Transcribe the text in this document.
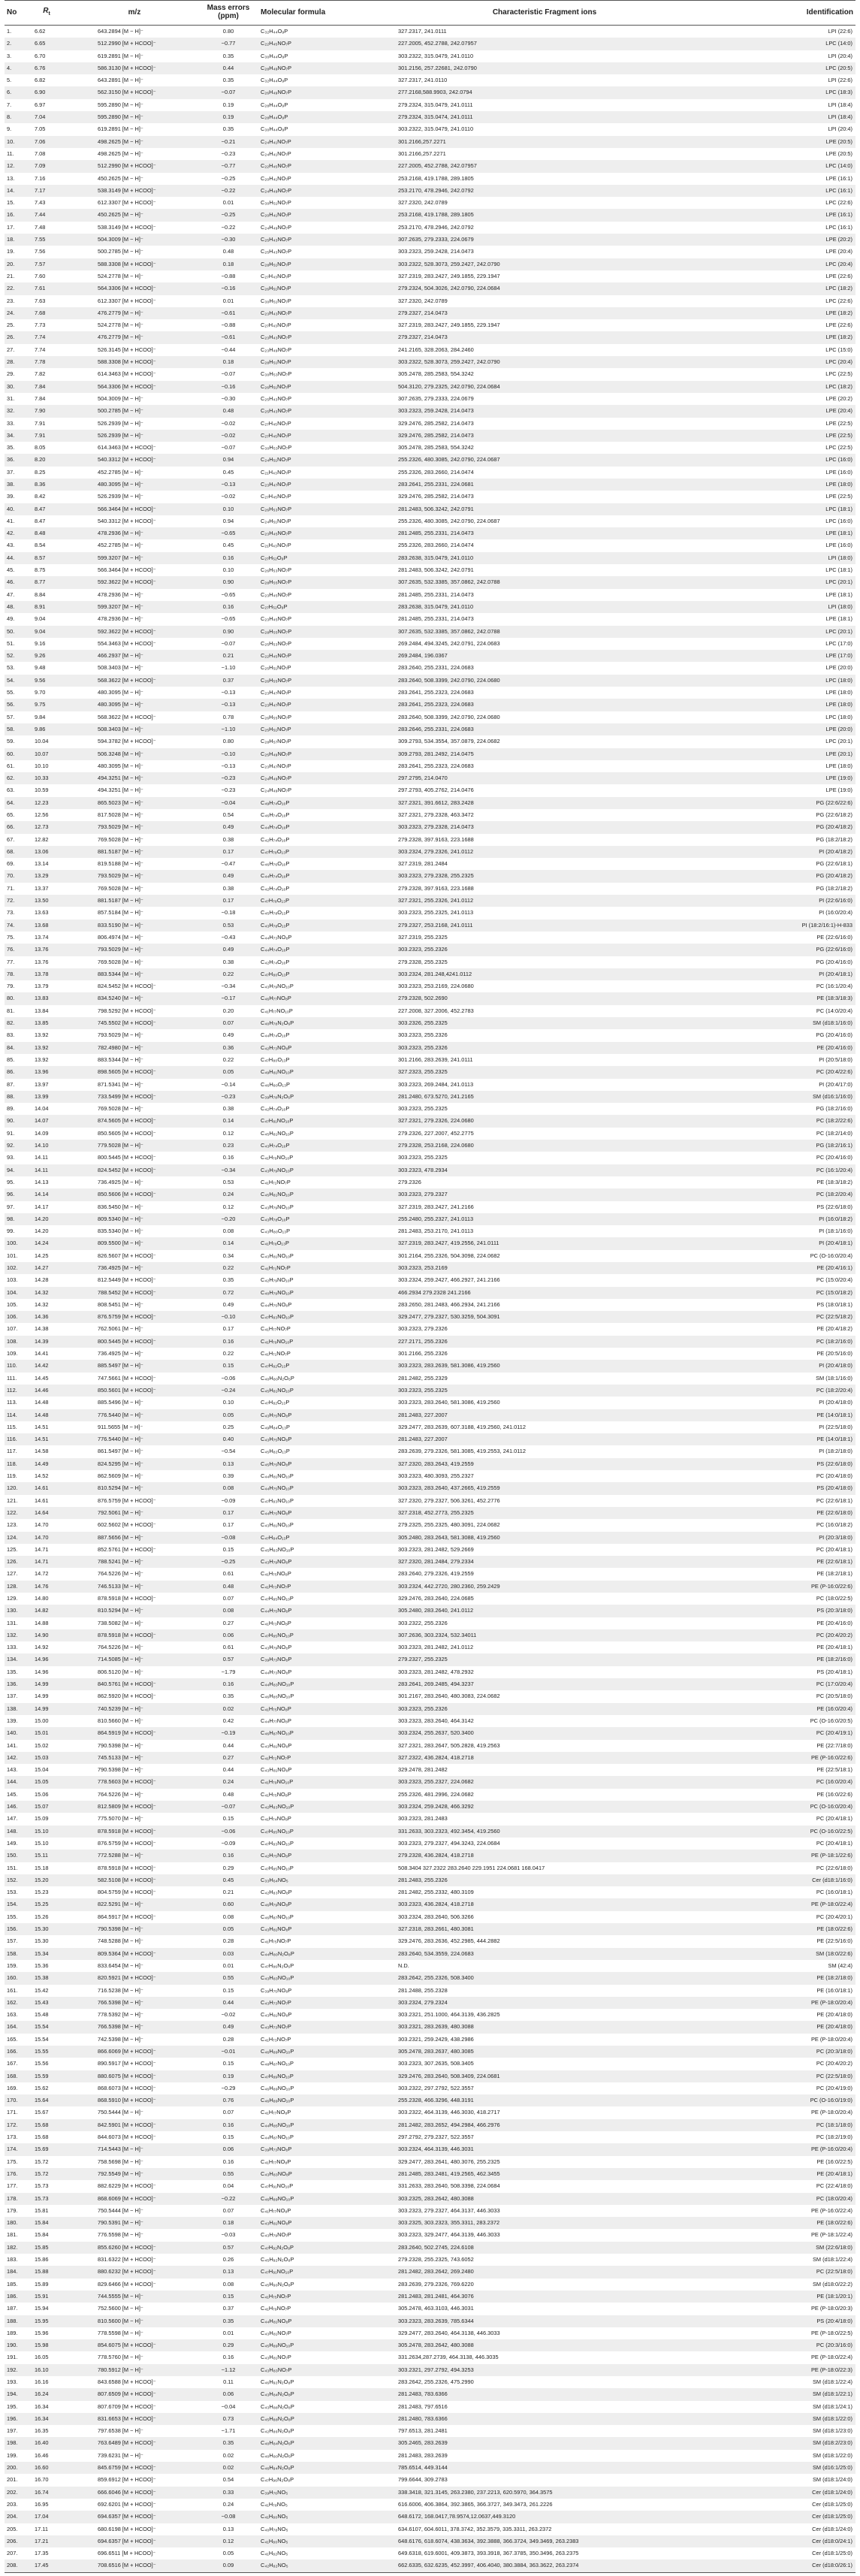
No	$R_t$	m/z	Mass errors (ppm)	Molecular formula	Characteristic Fragment ions	Identification
1.	6.62	643.2894 [M − H]⁻	0.80	C₃₂H₄₄O₉P	327.2317, 241.0111	LPI (22:6)
2.	6.65	512.2990 [M + HCOO]⁻	−0.77	C₂₂H₄₅NO₇P	227.2005, 452.2788, 242.07957	LPC (14:0)
3.	6.70	619.2891 [M − H]⁻	0.35	C₃₀H₄₄O₉P	303.2322, 315.0479, 241.0110	LPI (20:4)
4.	6.76	586.3130 [M + HCOO]⁻	0.44	C₂₈H₄₉NO₇P	301.2156, 257.22681, 242.0790	LPC (20:5)
5.	6.82	643.2891 [M − H]⁻	0.35	C₃₂H₄₄O₉P	327.2317, 241.0110	LPI (22:6)
6.	6.90	562.3150 [M + HCOO]⁻	−0.07	C₂₆H₄₉NO₇P	277.2168,588.9903, 242.0794	LPC (18:3)
7.	6.97	595.2890 [M − H]⁻	0.19	C₂₈H₄₄O₉P	279.2324, 315.0479, 241.0111	LPI (18:4)
8.	7.04	595.2890 [M − H]⁻	0.19	C₂₈H₄₄O₉P	279.2324, 315.0474, 241.0111	LPI (18:4)
9.	7.05	619.2891 [M − H]⁻	0.35	C₃₀H₄₄O₉P	303.2322, 315.0479, 241.0110	LPI (20:4)
10.	7.06	498.2625 [M − H]⁻	−0.21	C₂₄H₄₁NO₇P	301.2166,257.2271	LPE (20:5)
11.	7.08	498.2625 [M − H]⁻	−0.23	C₂₄H₄₁NO₇P	301.2166,257.2271	LPE (20:5)
12.	7.09	512.2990 [M + HCOO]⁻	−0.77	C₂₂H₄₅NO₇P	227.2005, 452.2788, 242.07957	LPC (14:0)
13.	7.16	450.2625 [M − H]⁻	−0.25	C₂₀H₄₁NO₇P	253.2168, 419.1788, 289.1805	LPE (16:1)
14.	7.17	538.3149 [M + HCOO]⁻	−0.22	C₂₄H₄₉NO₇P	253.2170, 478.2946, 242.0792	LPC (16:1)
15.	7.43	612.3307 [M + HCOO]⁻	0.01	C₃₀H₅₁NO₇P	327.2320, 242.0789	LPC (22:6)
16.	7.44	450.2625 [M − H]⁻	−0.25	C₂₀H₄₁NO₇P	253.2168, 419.1788, 289.1805	LPE (16:1)
17.	7.48	538.3149 [M + HCOO]⁻	−0.22	C₂₄H₄₉NO₇P	253.2170, 478.2946, 242.0792	LPC (16:1)
18.	7.55	504.3009 [M − H]⁻	−0.30	C₂₅H₄₃NO₇P	307.2635, 279.2333, 224.0679	LPE (20:2)
19.	7.56	500.2785 [M − H]⁻	0.48	C₂₅H₄₃NO₇P	303.2323, 259.2428, 214.0473	LPE (20:4)
20.	7.57	588.3308 [M + HCOO]⁻	0.18	C₂₈H₅₁NO₇P	303.2322, 528.3073, 259.2427, 242.0790	LPC (20:4)
21.	7.60	524.2778 [M − H]⁻	−0.88	C₂₇H₄₃NO₇P	327.2319, 283.2427, 249.1855, 229.1947	LPE (22:6)
22.	7.61	564.3306 [M + HCOO]⁻	−0.16	C₂₆H₅₁NO₇P	279.2324, 504.3026, 242.0790, 224.0684	LPC (18:2)
23.	7.63	612.3307 [M + HCOO]⁻	0.01	C₃₀H₅₁NO₇P	327.2320, 242.0789	LPC (22:6)
24.	7.68	476.2779 [M − H]⁻	−0.61	C₂₃H₄₃NO₇P	279.2327, 214.0473	LPE (18:2)
25.	7.73	524.2778 [M − H]⁻	−0.88	C₂₇H₄₃NO₇P	327.2319, 283.2427, 249.1855, 229.1947	LPE (22:6)
26.	7.74	476.2779 [M − H]⁻	−0.61	C₂₃H₄₃NO₇P	279.2327, 214.0473	LPE (18:2)
27.	7.74	526.3145 [M + HCOO]⁻	−0.44	C₂₃H₄₉NO₇P	241.2165, 328.2063, 284.2460	LPC (15:0)
28.	7.78	588.3308 [M + HCOO]⁻	0.18	C₂₈H₅₁NO₇P	303.2322, 528.3073, 259.2427, 242.0790	LPC (20:4)
29.	7.82	614.3463 [M + HCOO]⁻	−0.07	C₃₀H₅₃NO₇P	305.2478, 285.2583, 554.3242	LPC (22:5)
30.	7.84	564.3306 [M + HCOO]⁻	−0.16	C₂₆H₅₁NO₇P	504.3120, 279.2325, 242.0790, 224.0684	LPC (18:2)
31.	7.84	504.3009 [M − H]⁻	−0.30	C₂₅H₄₃NO₇P	307.2635, 279.2333, 224.0679	LPE (20:2)
32.	7.90	500.2785 [M − H]⁻	0.48	C₂₅H₄₃NO₇P	303.2323, 259.2428, 214.0473	LPE (20:4)
33.	7.91	526.2939 [M − H]⁻	−0.02	C₂₇H₄₅NO₇P	329.2476, 285.2582, 214.0473	LPE (22:5)
34.	7.91	526.2939 [M − H]⁻	−0.02	C₂₇H₄₅NO₇P	329.2476, 285.2582, 214.0473	LPE (22:5)
35.	8.05	614.3463 [M + HCOO]⁻	−0.07	C₃₀H₅₃NO₇P	305.2478, 285.2583, 554.3242	LPC (22:5)
36.	8.20	540.3312 [M + HCOO]⁻	0.94	C₂₄H₅₁NO₇P	255.2326, 480.3085, 242.0790, 224.0687	LPC (16:0)
37.	8.25	452.2785 [M − H]⁻	0.45	C₂₁H₄₃NO₇P	255.2326, 283.2660, 214.0474	LPE (16:0)
38.	8.36	480.3095 [M − H]⁻	−0.13	C₂₃H₄₇NO₇P	283.2641, 255.2331, 224.0681	LPE (18:0)
39.	8.42	526.2939 [M − H]⁻	−0.02	C₂₇H₄₅NO₇P	329.2476, 285.2582, 214.0473	LPE (22:5)
40.	8.47	566.3464 [M + HCOO]⁻	0.10	C₂₆H₅₃NO₇P	281.2483, 506.3242, 242.0791	LPC (18:1)
41.	8.47	540.3312 [M + HCOO]⁻	0.94	C₂₄H₅₁NO₇P	255.2326, 480.3085, 242.0790, 224.0687	LPC (16:0)
42.	8.48	478.2936 [M − H]⁻	−0.65	C₂₃H₄₅NO₇P	281.2485, 255.2331, 214.0473	LPE (18:1)
43.	8.54	452.2785 [M − H]⁻	0.45	C₂₁H₄₃NO₇P	255.2326, 283.2660, 214.0474	LPE (16:0)
44.	8.57	599.3207 [M − H]⁻	0.16	C₂₇H₅₂O₉P	283.2638, 315.0479, 241.0110	LPI (18:0)
45.	8.75	566.3464 [M + HCOO]⁻	0.10	C₂₆H₅₃NO₇P	281.2483, 506.3242, 242.0791	LPC (18:1)
46.	8.77	592.3622 [M + HCOO]⁻	0.90	C₂₈H₅₅NO₇P	307.2635, 532.3385, 357.0862, 242.0788	LPC (20:1)
47.	8.84	478.2936 [M − H]⁻	−0.65	C₂₃H₄₅NO₇P	281.2485, 255.2331, 214.0473	LPE (18:1)
48.	8.91	599.3207 [M − H]⁻	0.16	C₂₇H₅₂O₉P	283.2638, 315.0479, 241.0110	LPI (18:0)
49.	9.04	478.2936 [M − H]⁻	−0.65	C₂₃H₄₅NO₇P	281.2485, 255.2331, 214.0473	LPE (18:1)
50.	9.04	592.3622 [M + HCOO]⁻	0.90	C₂₈H₅₅NO₇P	307.2635, 532.3385, 357.0862, 242.0788	LPC (20:1)
51.	9.16	554.3463 [M + HCOO]⁻	−0.07	C₂₅H₅₃NO₇P	269.2484, 494.3245, 242.0791, 224.0683	LPC (17:0)
52.	9.26	466.2937 [M − H]⁻	0.21	C₂₂H₄₅NO₇P	269.2484, 196.0367	LPE (17:0)
53.	9.48	508.3403 [M − H]⁻	−1.10	C₂₅H₅₁NO₇P	283.2640, 255.2331, 224.0683	LPE (20:0)
54.	9.56	568.3622 [M + HCOO]⁻	0.37	C₂₆H₅₅NO₇P	283.2640, 508.3399, 242.0790, 224.0680	LPC (18:0)
55.	9.70	480.3095 [M − H]⁻	−0.13	C₂₃H₄₇NO₇P	283.2641, 255.2323, 224.0683	LPE (18:0)
56.	9.75	480.3095 [M − H]⁻	−0.13	C₂₃H₄₇NO₇P	283.2641, 255.2323, 224.0683	LPE (18:0)
57.	9.84	568.3622 [M + HCOO]⁻	0.78	C₂₆H₅₅NO₇P	283.2640, 508.3399, 242.0790, 224.0680	LPC (18:0)
58.	9.86	508.3403 [M − H]⁻	−1.10	C₂₅H₅₁NO₇P	283.2646, 255.2331, 224.0683	LPE (20:0)
59.	10.04	594.3782 [M + HCOO]⁻	0.80	C₂₈H₅₇NO₇P	309.2793, 534.3554, 357.0879, 224.0682	LPC (20:1)
60.	10.07	506.3248 [M − H]⁻	−0.10	C₂₅H₄₉NO₇P	309.2793, 281.2492, 214.0475	LPE (20:1)
61.	10.10	480.3095 [M − H]⁻	−0.13	C₂₃H₄₇NO₇P	283.2641, 255.2323, 224.0683	LPE (18:0)
62.	10.33	494.3251 [M − H]⁻	−0.23	C₂₄H₄₉NO₇P	297.2795, 214.0470	LPE (19:0)
63.	10.59	494.3251 [M − H]⁻	−0.23	C₂₄H₄₉NO₇P	297.2793, 405.2762, 214.0476	LPE (19:0)
64.	12.23	865.5023 [M − H]⁻	−0.04	C₄₉H₇₄O₁₀P	327.2321, 391.6612, 283.2428	PG (22:6/22:6)
65.	12.56	817.5028 [M − H]⁻	0.54	C₄₆H₇₄O₁₀P	327.2321, 279.2328, 463.3472	PG (22:6/18:2)
66.	12.73	793.5029 [M − H]⁻	0.49	C₄₄H₇₄O₁₀P	303.2323, 279.2328, 214.0473	PG (20:4/18:2)
67.	12.82	769.5028 [M − H]⁻	0.38	C₄₂H₇₄O₁₀P	279.2328, 397.9163, 223.1688	PG (18:2/18:2)
68.	13.06	881.5187 [M − H]⁻	0.17	C₄₇H₇₈O₁₃P	303.2324, 279.2326, 241.0112	PI (20:4/18:2)
69.	13.14	819.5188 [M − H]⁻	−0.47	C₄₆H₇₆O₁₀P	327.2319, 281.2484	PG (22:6/18:1)
70.	13.29	793.5029 [M − H]⁻	0.49	C₄₄H₇₄O₁₀P	303.2323, 279.2328, 255.2325	PG (20:4/18:2)
71.	13.37	769.5028 [M − H]⁻	0.38	C₄₂H₇₄O₁₀P	279.2328, 397.9163, 223.1688	PG (18:2/18:2)
72.	13.50	881.5187 [M − H]⁻	0.17	C₄₇H₇₈O₁₃P	327.2321, 255.2326, 241.0112	PI (22:6/16:0)
73.	13.63	857.5184 [M − H]⁻	−0.18	C₄₅H₇₈O₁₃P	303.2323, 255.2325, 241.0113	PI (16:0/20:4)
74.	13.68	833.5190 [M − H]⁻	0.53	C₄₃H₇₈O₁₃P	279.2327, 253.2168, 241.0111	PI (18:2/16:1)-H-833
75.	13.74	806.4974 [M − H]⁻	−0.43	C₄₄H₇₃NO₈P	327.2319, 255.2325	PE (22:6/16:0)
76.	13.76	793.5029 [M − H]⁻	0.49	C₄₄H₇₄O₁₀P	303.2323, 255.2326	PG (22:6/16:0)
77.	13.76	769.5028 [M − H]⁻	0.38	C₄₂H₇₄O₁₀P	279.2328, 255.2325	PG (20:4/16:0)
78.	13.78	883.5344 [M − H]⁻	0.22	C₄₇H₈₀O₁₃P	303.2324, 281.248,4241.0112	PI (20:4/18:1)
79.	13.79	824.5452 [M + HCOO]⁻	−0.34	C₄₃H₇₉NO₁₀P	303.2323, 253.2169, 224.0680	PC (16:1/20:4)
80.	13.83	834.5240 [M − H]⁻	−0.17	C₄₆H₇₇NO₈P	279.2328, 502.2690	PE (18:3/18:3)
81.	13.84	798.5292 [M + HCOO]⁻	0.20	C₄₁H₇₇NO₁₀P	227.2008, 327.2006, 452.2783	PC (14:0/20:4)
82.	13.85	745.5502 [M + HCOO]⁻	0.07	C₄₀H₇₈N₂O₆P	303.2326, 255.2325	SM (d18:1/16:0)
83.	13.92	793.5029 [M − H]⁻	0.49	C₄₄H₇₄O₁₀P	303.2323, 255.2326	PG (20:4/16:0)
84.	13.92	782.4980 [M − H]⁻	0.36	C₄₂H₇₃NO₈P	303.2323, 255.2326	PE (20:4/16:0)
85.	13.92	883.5344 [M − H]⁻	0.22	C₄₇H₈₀O₁₃P	301.2166, 283.2639, 241.0111	PI (20:5/18:0)
86.	13.96	898.5605 [M + HCOO]⁻	0.05	C₄₉H₈₁NO₁₀P	327.2323, 255.2325	PC (20:4/22:6)
87.	13.97	871.5341 [M − H]⁻	−0.14	C₄₆H₈₀O₁₃P	303.2323, 269.2484, 241.0113	PI (20:4/17:0)
88.	13.99	733.5499 [M + HCOO]⁻	−0.23	C₃₉H₇₈N₂O₆P	281.2480, 673.5270, 241.2165	SM (d16:1/16:0)
89.	14.04	769.5028 [M − H]⁻	0.38	C₄₂H₇₄O₁₀P	303.2323, 255.2325	PG (18:2/16:0)
90.	14.07	874.5605 [M + HCOO]⁻	0.14	C₄₇H₈₁NO₁₀P	327.2321, 279.2326, 224.0680	PC (18:2/22:6)
91.	14.09	850.5605 [M + HCOO]⁻	0.12	C₄₅H₈₁NO₁₀P	279.2326, 227.2007, 452.2775	PC (18:2/14:0)
92.	14.10	779.5028 [M − H]⁻	0.23	C₄₃H₇₄O₁₀P	279.2328, 253.2168, 224.0680	PG (18:2/16:1)
93.	14.11	800.5445 [M + HCOO]⁻	0.16	C₄₁H₇₉NO₁₀P	303.2323, 255.2325	PC (20:4/16:0)
94.	14.11	824.5452 [M + HCOO]⁻	−0.34	C₄₃H₇₉NO₁₀P	303.2323, 478.2934	PC (16:1/20:4)
95.	14.13	736.4925 [M − H]⁻	0.53	C₄₁H₇₁NO₇P	279.2326	PE (18:3/18:2)
96.	14.14	850.5606 [M + HCOO]⁻	0.24	C₄₅H₈₁NO₁₀P	303.2323, 279.2327	PC (18:2/20:4)
97.	14.17	836.5450 [M − H]⁻	0.12	C₄₃H₇₉NO₁₀P	327.2319, 283.2427, 241.2166	PS (22:6/18:0)
98.	14.20	809.5340 [M − H]⁻	−0.20	C₄₃H₇₈O₁₀P	255.2480, 255.2327, 241.0113	PI (16:0/18:2)
99.	14.20	835.5340 [M − H]⁻	0.08	C₄₃H₈₀O₁₃P	281.2483, 253.2170, 241.0113	PI (18:1/16:0)
100.	14.24	809.5500 [M − H]⁻	0.14	C₄₁H₇₈O₁₃P	327.2319, 283.2427, 419.2556, 241.0111	PI (20:4/18:1)
101.	14.25	826.5607 [M + HCOO]⁻	0.34	C₄₃H₈₁NO₁₀P	301.2164, 255.2326, 504.3098, 224.0682	PC (O-16:0/20:4)
102.	14.27	736.4925 [M − H]⁻	0.22	C₄₁H₇₁NO₇P	303.2323, 253.2169	PE (20:4/16:1)
103.	14.28	812.5449 [M + HCOO]⁻	0.35	C₄₂H₇₉NO₁₀P	303.2324, 259.2427, 466.2927, 241.2166	PC (15:0/20:4)
104.	14.32	788.5452 [M + HCOO]⁻	0.72	C₄₀H₇₉NO₁₀P	466.2934 279.2328 241.2166	PC (15:0/18:2)
105.	14.32	808.5451 [M − H]⁻	0.49	C₄₄H₇₅NO₈P	283.2650, 281.2483, 466.2934, 241.2166	PS (18:0/18:1)
106.	14.36	876.5759 [M + HCOO]⁻	−0.10	C₄₇H₈₃NO₁₀P	329.2477, 279.2327, 530.3259, 504.3091	PC (22:5/18:2)
107.	14.38	762.5061 [M − H]⁻	0.17	C₄₁H₇₇NO₇P	303.2323, 279.2326	PE (20:4/18:2)
108.	14.39	800.5445 [M + HCOO]⁻	0.16	C₄₁H₇₉NO₁₀P	227.2171, 255.2326	PC (18:2/16:0)
109.	14.41	736.4925 [M − H]⁻	0.22	C₄₁H₇₁NO₇P	301.2166, 255.2326	PE (20:5/16:0)
110.	14.42	885.5497 [M − H]⁻	0.15	C₄₇H₈₂O₁₃P	303.2323, 283.2639, 581.3086, 419.2560	PI (20:4/18:0)
111.	14.45	747.5661 [M + HCOO]⁻	−0.06	C₄₀H₈₀N₂O₆P	281.2482, 255.2329	SM (18:1/16:0)
112.	14.46	850.5601 [M + HCOO]⁻	−0.24	C₄₅H₈₁NO₁₀P	303.2323, 255.2325	PC (18:2/20:4)
113.	14.48	885.5496 [M − H]⁻	0.10	C₄₇H₈₂O₁₃P	303.2323, 283.2640, 581.3086, 419.2560	PI (20:4/18:0)
114.	14.48	776.5440 [M − H]⁻	0.05	C₄₃H₇₅NO₈P	281.2483, 227.2007	PE (14:0/18:1)
115.	14.51	911.5655 [M − H]⁻	0.25	C₄₉H₈₄O₁₃P	329.2477, 283.2639, 607.3188, 419.2560, 241.0112	PI (22:5/18:0)
116.	14.51	776.5440 [M − H]⁻	0.40	C₄₃H₇₅NO₈P	281.2483, 227.2007	PE (14:0/18:1)
117.	14.58	861.5497 [M − H]⁻	−0.54	C₄₅H₈₂O₁₃P	283.2639, 279.2326, 581.3085, 419.2553, 241.0112	PI (18:2/18:0)
118.	14.49	824.5295 [M − H]⁻	0.13	C₄₅H₇₅NO₈P	327.2320, 283.2643, 419.2559	PS (22:6/18:0)
119.	14.52	862.5609 [M − H]⁻	0.39	C₄₄H₈₁NO₁₀P	303.2323, 480.3093, 255.2327	PC (20:4/18:0)
120.	14.61	810.5294 [M − H]⁻	0.08	C₄₄H₇₅NO₁₀P	303.2323, 283.2640, 437.2665, 419.2559	PS (20:4/18:0)
121.	14.61	876.5759 [M + HCOO]⁻	−0.09	C₄₇H₈₃NO₁₀P	327.2320, 279.2327, 506.3261, 452.2776	PC (22:6/18:1)
122.	14.64	792.5061 [M − H]⁻	0.17	C₄₄H₇₅NO₈P	327.2318, 452.2773, 255.2325	PE (22:6/18:0)
123.	14.70	602.5602 [M + HCOO]⁻	0.17	C₄₃H₈₁NO₁₀P	279.2325, 255.2325, 480.3091, 224.0682	PC (16:0/18:2)
124.	14.70	887.5656 [M − H]⁻	−0.08	C₄₇H₈₄O₁₃P	305.2480, 283.2643, 581.3088, 419.2560	PI (20:3/18:0)
125.	14.71	852.5761 [M + HCOO]⁻	0.15	C₄₅H₈₃NO₁₀P	303.2323, 281.2482, 529.2669	PC (20:4/18:1)
126.	14.71	788.5241 [M − H]⁻	−0.25	C₄₃H₇₉NO₈P	327.2320, 281.2484, 279.2334	PE (22:6/18:1)
127.	14.72	764.5226 [M − H]⁻	0.61	C₄₁H₇₅NO₈P	283.2640, 279.2326, 419.2559	PE (18:2/18:1)
128.	14.76	746.5133 [M − H]⁻	0.48	C₄₁H₇₃NO₇P	303.2324, 442.2720, 280.2360, 259.2429	PE (P-16:0/22:6)
129.	14.80	878.5918 [M + HCOO]⁻	0.07	C₄₇H₈₅NO₁₀P	329.2476, 283.2640, 224.0685	PC (18:0/22:5)
130.	14.82	810.5294 [M − H]⁻	0.08	C₄₄H₇₅NO₈P	305.2480, 283.2640, 241.0112	PS (20:3/18:0)
131.	14.88	738.5082 [M − H]⁻	0.27	C₄₁H₇₃NO₈P	303.2322, 255.2326	PE (20:4/16:0)
132.	14.90	878.5918 [M + HCOO]⁻	0.06	C₄₇H₈₅NO₁₀P	307.2636, 303.2324, 532.34011	PC (20:4/20:2)
133.	14.92	764.5226 [M − H]⁻	0.61	C₄₃H₇₉NO₈P	303.2323, 281.2482, 241.0112	PE (20:4/18:1)
134.	14.96	714.5085 [M − H]⁻	0.57	C₃₉H₇₃NO₈P	279.2327, 255.2325	PE (18:2/16:0)
135.	14.96	806.5120 [M − H]⁻	−1.79	C₄₄H₇₃NO₈P	303.2323, 281.2482, 478.2932	PS (20:4/18:1)
136.	14.99	840.5761 [M + HCOO]⁻	0.16	C₄₄H₈₃NO₁₀P	283.2641, 269.2485, 494.3237	PC (17:0/20:4)
137.	14.99	862.5920 [M + HCOO]⁻	0.35	C₄₆H₈₅NO₁₀P	301.2167, 283.2640, 480.3083, 224.0682	PC (20:5/18:0)
138.	14.99	740.5239 [M − H]⁻	0.02	C₄₁H₇₅NO₈P	303.2323, 255.2326	PE (16:0/20:4)
139.	15.00	810.5660 [M − H]⁻	0.42	C₄₄H₇₇NO₈P	303.2323, 283.2640, 464.3142	PC (O-16:0/20:5)
140.	15.01	864.5919 [M + HCOO]⁻	−0.19	C₄₆H₈₇NO₁₀P	303.2324, 255.2637, 520.3400	PC (20:4/19:1)
141.	15.02	790.5398 [M − H]⁻	0.44	C₄₃H₈₁NO₈P	327.2321, 283.2647, 505.2828, 419.2563	PE (22:7/18:0)
142.	15.03	745.5133 [M − H]⁻	0.27	C₄₁H₇₂NO₇P	327.2322, 436.2824, 418.2718	PE (P-16:0/22:6)
143.	15.04	790.5398 [M − H]⁻	0.44	C₄₃H₈₁NO₈P	329.2478, 281.2482	PE (22:5/18:1)
144.	15.05	778.5603 [M + HCOO]⁻	0.24	C₄₁H₇₉NO₁₀P	303.2323, 255.2327, 224.0682	PC (16:0/20:4)
145.	15.06	764.5226 [M − H]⁻	0.48	C₄₁H₇₅NO₈P	255.2326, 481.2996, 224.0682	PE (16:0/22:6)
146.	15.07	812.5809 [M + HCOO]⁻	−0.07	C₄₂H₈₃NO₁₀P	303.2324, 259.2428, 466.3292	PC (O-16:0/20:4)
147.	15.09	775.5070 [M − H]⁻	0.15	C₄₁H₇₄NO₈P	303.2323, 281.2483	PC (20:4/18:1)
148.	15.10	878.5918 [M + HCOO]⁻	−0.06	C₄₇H₈₅NO₁₀P	331.2633, 303.2323, 492.3454, 419.2560	PC (O-16:0/22:5)
149.	15.10	876.5759 [M + HCOO]⁻	−0.09	C₄₇H₈₃NO₁₀P	303.2323, 279.2327, 494.3243, 224.0684	PC (20:4/18:1)
150.	15.11	772.5288 [M − H]⁻	0.16	C₄₂H₇₅NO₈P	279.2328, 436.2824, 418.2718	PE (P-18:1/22:6)
151.	15.18	878.5918 [M + HCOO]⁻	0.29	C₄₇H₈₅NO₁₀P	508.3404 327.2322 283.2640 229.1951 224.0681 168.0417	PC (22:6/18:0)
152.	15.20	582.5108 [M + HCOO]⁻	0.45	C₃₃H₆₄NO₅	281.2483, 255.2326	Cer (d18:1/16:0)
153.	15.23	804.5759 [M + HCOO]⁻	0.21	C₄₂H₈₃NO₈P	281.2482, 255.2332, 480.3109	PC (16:0/18:1)
154.	15.25	822.5291 [M − H]⁻	0.60	C₄₆H₇₉NO₈P	303.2323, 436.2824, 418.2718	PE (P-18:0/22:4)
155.	15.26	864.5917 [M + HCOO]⁻	0.08	C₄₆H₈₇NO₁₀P	303.2324, 283.2640, 506.3266	PC (20:4/20:1)
156.	15.30	790.5398 [M − H]⁻	0.05	C₄₃H₈₁NO₈P	327.2318, 283.2661, 480.3081	PE (18:0/22:6)
157.	15.30	748.5288 [M − H]⁻	0.28	C₄₁H₇₅NO₇P	329.2476, 283.2636, 452.2985, 444.2882	PE (22:5/16:0)
158.	15.34	809.5364 [M + HCOO]⁻	0.03	C₄₄H₈₀N₂O₈P	283.2640, 534.3559, 224.0683	SM (18:0/22:6)
159.	15.36	833.6454 [M − H]⁻	0.01	C₄₇H₈₆N₂O₆P	N.D.	SM (42:4)
160.	15.38	820.5921 [M + HCOO]⁻	0.55	C₄₃H₈₃NO₁₀P	283.2642, 255.2326, 508.3400	PE (18:2/18:0)
161.	15.42	716.5238 [M − H]⁻	0.15	C₃₉H₇₅NO₈P	281.2488, 255.2328	PE (16:0/18:1)
162.	15.43	766.5398 [M − H]⁻	0.44	C₄₃H₇₃NO₇P	303.2324, 279.2324	PE (P-18:0/20:4)
163.	15.48	778.5392 [M − H]⁻	−0.02	C₄₃H₈₁NO₈P	303.2321, 251.1000, 464.3139, 436.2825	PE (20:4/18:0)
164.	15.54	766.5398 [M − H]⁻	0.49	C₄₃H₇₃NO₇P	303.2321, 283.2639, 480.3088	PE (20:4/18:0)
165.	15.54	742.5398 [M − H]⁻	0.28	C₄₁H₇₃NO₇P	303.2321, 259.2429, 438.2986	PE (P-18:0/20:4)
166.	15.55	866.6069 [M + HCOO]⁻	−0.01	C₄₆H₈₉NO₁₀P	305.2478, 283.2637, 480.3085	PC (20:3/18:0)
167.	15.56	890.5917 [M + HCOO]⁻	0.15	C₄₈H₈₇NO₁₀P	303.2323, 307.2635, 508.3405	PC (20:4/20:2)
168.	15.59	880.6075 [M + HCOO]⁻	0.19	C₄₇H₈₉NO₁₀P	329.2476, 283.2640, 508.3409, 224.0681	PC (22:5/18:0)
169.	15.62	868.6073 [M + HCOO]⁻	−0.29	C₄₆H₈₉NO₁₀P	303.2322, 297.2792, 522.3557	PC (20:4/19:0)
170.	15.64	868.5910 [M + HCOO]⁻	0.76	C₄₆H₈₉NO₁₀P	255.2328, 466.3296, 448.3191	PC (O-16:0/19:0)
171.	15.67	750.5444 [M − H]⁻	0.07	C₄₁H₇₇NO₈P	303.2322, 464.3139, 446.3030, 418.2717	PE (P-18:0/20:4)
172.	15.68	842.5901 [M + HCOO]⁻	0.16	C₄₄H₈₅NO₁₀P	281.2482, 283.2652, 494.2984, 466.2976	PC (18:1/18:0)
173.	15.68	844.6073 [M + HCOO]⁻	0.15	C₄₄H₈₇NO₁₀P	297.2792, 279.2327, 522.3557	PC (18:2/19:0)
174.	15.69	714.5443 [M − H]⁻	0.06	C₃₉H₇₃NO₈P	303.2324, 464.3139, 446.3031	PE (P-16:0/20:4)
175.	15.72	758.5698 [M − H]⁻	0.16	C₄₁H₇₇NO₈P	329.2477, 283.2641, 480.3076, 255.2325	PE (16:0/22:5)
176.	15.72	792.5549 [M − H]⁻	0.55	C₄₃H₈₃NO₈P	281.2485, 283.2481, 419.2565, 462.3455	PE (20:4/18:1)
177.	15.73	882.6229 [M + HCOO]⁻	0.04	C₄₇H₉₁NO₁₀P	331.2633, 283.2640, 508.3398, 224.0684	PC (22:4/18:0)
178.	15.73	868.6069 [M + HCOO]⁻	−0.22	C₄₆H₈₉NO₁₀P	303.2325, 283.2642, 480.3088	PC (18:0/20:4)
179.	15.81	750.5444 [M − H]⁻	0.07	C₄₁H₇₇NO₈P	303.2323, 279.2327, 464.3137, 446.3033	PE (P-16:0/22:4)
180.	15.84	790.5391 [M − H]⁻	0.18	C₄₃H₈₁NO₈P	303.2325, 303.2323, 355.3311, 283.2372	PE (18:0/22:6)
181.	15.84	776.5598 [M − H]⁻	−0.03	C₄₃H₇₉NO₇P	303.2323, 329.2477, 464.3139, 446.3033	PE (P-18:1/22:4)
182.	15.85	855.6260 [M + HCOO]⁻	0.57	C₄₇H₉₂N₂O₈P	283.2640, 502.2745, 224.6108	SM (22:6/18:0)
183.	15.86	831.6322 [M + HCOO]⁻	0.26	C₄₅H₉₂N₂O₈P	279.2328, 255.2325, 743.6052	SM (d18:1/22:4)
184.	15.88	880.6232 [M + HCOO]⁻	0.13	C₄₇H₉₁NO₁₀P	281.2482, 283.2642, 269.2480	PC (22:5/18:0)
185.	15.89	829.6466 [M + HCOO]⁻	0.08	C₄₅H₉₀N₂O₈P	283.2639, 279.2326, 769.6220	SM (d18:0/22:2)
186.	15.91	744.5555 [M − H]⁻	0.15	C₄₁H₇₅NO₇P	281.2483, 281.2481, 464.3076	PE (18:1/20:1)
187.	15.94	752.5600 [M − H]⁻	0.37	C₄₁H₇₉NO₇P	305.2478, 463.3103, 446.3031	PE (P-18:0/20:3)
188.	15.95	810.5600 [M − H]⁻	0.35	C₄₄H₈₁NO₈P	303.2323, 283.2639, 785.6344	PS (20:4/18:0)
189.	15.96	778.5598 [M − H]⁻	0.01	C₄₃H₈₁NO₇P	329.2477, 283.2640, 464.3138, 446.3033	PE (P-18:0/22:5)
190.	15.98	854.6075 [M + HCOO]⁻	0.29	C₄₅H₈₉NO₁₀P	305.2478, 283.2642, 480.3088	PC (20:3/16:0)
191.	16.05	778.5760 [M − H]⁻	0.16	C₄₃H₈₁NO₇P	331.2634,287.2739, 464.3138, 446.3035	PE (P-18:0/22:4)
192.	16.10	780.5912 [M − H]⁻	−1.12	C₄₃H₈₃NO₇P	303.2321, 297.2792, 494.3253	PE (P-18:0/22:3)
193.	16.16	843.6588 [M + HCOO]⁻	0.11	C₄₆H₉₂N₂O₈P	283.2642, 255.2326, 475.2990	SM (d18:1/22:4)
194.	16.24	807.6509 [M + HCOO]⁻	0.06	C₄₃H₈₄N₂O₈P	281.2483, 783.6366	SM (d18:1/22:1)
195.	16.34	807.6709 [M + HCOO]⁻	−0.04	C₄₃H₈₈N₂O₈P	281.2483, 797.6516	SM (d18:1/24:1)
196.	16.34	831.6653 [M + HCOO]⁻	0.73	C₄₅H₈₈N₂O₈P	281.2480, 783.6366	SM (d18:1/22:0)
197.	16.35	797.6538 [M − H]⁻	−1.71	C₄₂H₈₆N₂O₈P	797.6513, 281.2481	SM (d18:1/23:0)
198.	16.40	763.6489 [M + HCOO]⁻	0.35	C₄₀H₈₄N₂O₆P	305.2465, 283.2639	SM (d18:2/23:0)
199.	16.46	739.6231 [M − H]⁻	0.02	C₄₀H₈₀N₂O₆P	281.2483, 283.2639	SM (d18:1/22:0)
200.	16.60	845.6759 [M + HCOO]⁻	0.02	C₄₆H₉₄N₂O₈P	785.6514, 449.3144	SM (d16:1/25:0)
201.	16.70	859.6912 [M + HCOO]⁻	0.54	C₄₇H₉₆N₂O₈P	799.6644, 309.2783	SM (d18:1/24:0)
202.	16.74	666.6046 [M + HCOO]⁻	0.33	C₃₉H₇₆NO₅	338.3418, 321.3145, 263.2380, 237.2213, 620.5970, 364.3575	Cer (d18:1/24:0)
203.	16.95	692.6201 [M + HCOO]⁻	0.24	C₄₁H₇₈NO₅	616.6006, 406.3864, 392.3865, 366.3727, 349.3473, 261.2226	Cer (d18:1/25:0)
204.	17.04	694.6357 [M + HCOO]⁻	−0.08	C₄₁H₈₀NO₅	648.6172, 168.0417,78.9574,12.0637,449.3120	Cer (d18:1/25:0)
205.	17.11	680.6198 [M + HCOO]⁻	0.13	C₄₀H₇₈NO₅	634.6107, 604.6011, 378.3742, 352.3579, 335.3311, 263.2372	Cer (d18:1/24:0)
206.	17.21	694.6357 [M + HCOO]⁻	0.12	C₄₁H₈₀NO₅	648.6176, 618.6074, 438.3634, 392.3888, 366.3724, 349.3469, 263.2383	Cer (d18:0/24:1)
207.	17.35	696.6511 [M + HCOO]⁻	0.05	C₄₁H₈₂NO₅	649.6318, 619.6001, 409.3873, 393.3918, 367.3785, 350.3496, 263.2375	Cer (d18:1/25:0)
208.	17.45	708.6516 [M + HCOO]⁻	0.09	C₄₂H₈₂NO₅	662.6335, 632.6235, 452.3997, 406.4040, 380.3884, 363.3622, 263.2374	Cer (d18:0/26:1)
